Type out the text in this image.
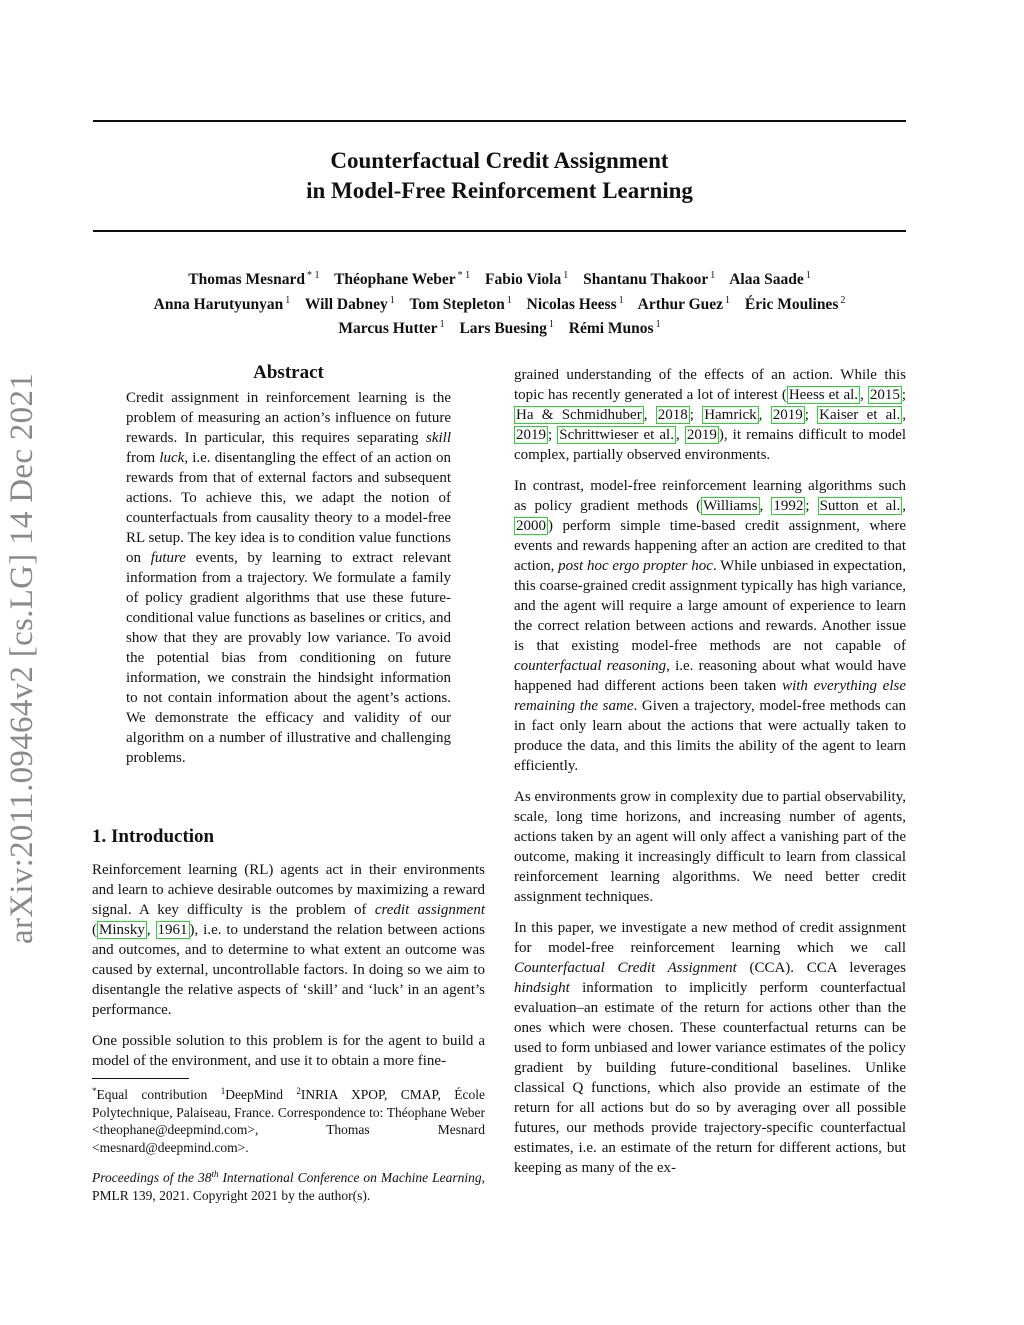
arXiv:2011.09464v2 [cs.LG] 14 Dec 2021
Counterfactual Credit Assignment
in Model-Free Reinforcement Learning
Thomas Mesnard $^{* 1}$ Théophane Weber $^{* 1}$ Fabio Viola $^1$ Shantanu Thakoor $^1$ Alaa Saade $^1$
Anna Harutyunyan $^1$ Will Dabney $^1$ Tom Stepleton $^1$ Nicolas Heess $^1$ Arthur Guez $^1$ Éric Moulines $^2$
Marcus Hutter $^1$ Lars Buesing $^1$ Rémi Munos $^1$
Abstract
Credit assignment in reinforcement learning is the problem of measuring an action’s influence on future rewards. In particular, this requires separating skill from luck, i.e. disentangling the effect of an action on rewards from that of external factors and subsequent actions. To achieve this, we adapt the notion of counterfactuals from causality theory to a model-free RL setup. The key idea is to condition value functions on future events, by learning to extract relevant information from a trajectory. We formulate a family of policy gradient algorithms that use these future-conditional value functions as baselines or critics, and show that they are provably low variance. To avoid the potential bias from conditioning on future information, we constrain the hindsight information to not contain information about the agent’s actions. We demonstrate the efficacy and validity of our algorithm on a number of illustrative and challenging problems.
1. Introduction

Reinforcement learning (RL) agents act in their environments and learn to achieve desirable outcomes by maximizing a reward signal. A key difficulty is the problem of credit assignment ( Minsky , 1961 ), i.e. to understand the relation between actions and outcomes, and to determine to what extent an outcome was caused by external, uncontrollable factors. In doing so we aim to disentangle the relative aspects of ‘skill’ and ‘luck’ in an agent’s performance.

One possible solution to this problem is for the agent to build a model of the environment, and use it to obtain a more fine-

*Equal contribution $^1$DeepMind $^2$INRIA XPOP, CMAP, École Polytechnique, Palaiseau, France. Correspondence to: Théophane Weber <theophane@deepmind.com>, Thomas Mesnard <mesnard@deepmind.com>.
Proceedings of the 38th International Conference on Machine Learning, PMLR 139, 2021. Copyright 2021 by the author(s).

grained understanding of the effects of an action. While this topic has recently generated a lot of interest ( Heess et al. , 2015 ; Ha & Schmidhuber , 2018 ; Hamrick , 2019 ; Kaiser et al. , 2019 ; Schrittwieser et al. , 2019 ), it remains difficult to model complex, partially observed environments.

In contrast, model-free reinforcement learning algorithms such as policy gradient methods ( Williams , 1992 ; Sutton et al. , 2000 ) perform simple time-based credit assignment, where events and rewards happening after an action are credited to that action, post hoc ergo propter hoc. While unbiased in expectation, this coarse-grained credit assignment typically has high variance, and the agent will require a large amount of experience to learn the correct relation between actions and rewards. Another issue is that existing model-free methods are not capable of counterfactual reasoning, i.e. reasoning about what would have happened had different actions been taken with everything else remaining the same. Given a trajectory, model-free methods can in fact only learn about the actions that were actually taken to produce the data, and this limits the ability of the agent to learn efficiently.

As environments grow in complexity due to partial observability, scale, long time horizons, and increasing number of agents, actions taken by an agent will only affect a vanishing part of the outcome, making it increasingly difficult to learn from classical reinforcement learning algorithms. We need better credit assignment techniques.

In this paper, we investigate a new method of credit assignment for model-free reinforcement learning which we call Counterfactual Credit Assignment (CCA). CCA leverages hindsight information to implicitly perform counterfactual evaluation–an estimate of the return for actions other than the ones which were chosen. These counterfactual returns can be used to form unbiased and lower variance estimates of the policy gradient by building future-conditional baselines. Unlike classical Q functions, which also provide an estimate of the return for all actions but do so by averaging over all possible futures, our methods provide trajectory-specific counterfactual estimates, i.e. an estimate of the return for different actions, but keeping as many of the ex-
